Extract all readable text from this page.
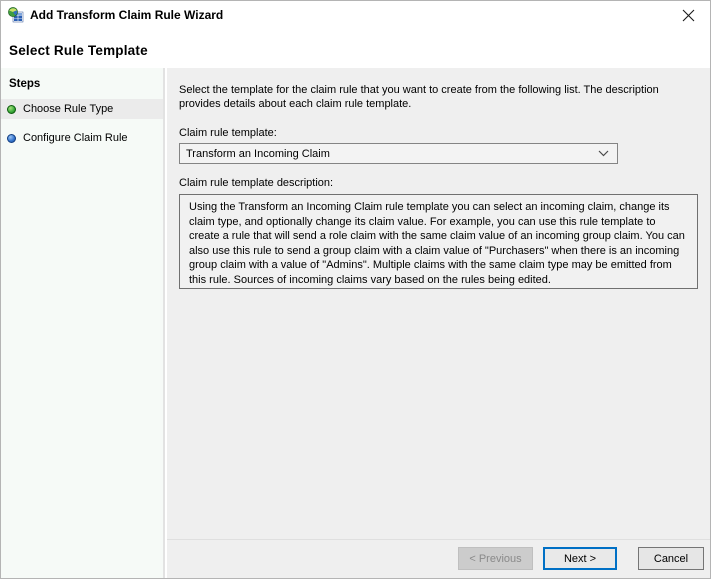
Add Transform Claim Rule Wizard
Select Rule Template
Steps
Choose Rule Type
Configure Claim Rule
Select the template for the claim rule that you want to create from the following list. The description provides details about each claim rule template.
Claim rule template:
Transform an Incoming Claim
Claim rule template description:
Using the Transform an Incoming Claim rule template you can select an incoming claim, change its claim type, and optionally change its claim value. For example, you can use this rule template to create a rule that will send a role claim with the same claim value of an incoming group claim. You can also use this rule to send a group claim with a claim value of "Purchasers" when there is an incoming group claim with a value of "Admins". Multiple claims with the same claim type may be emitted from this rule. Sources of incoming claims vary based on the rules being edited.
< Previous	Next >	Cancel
